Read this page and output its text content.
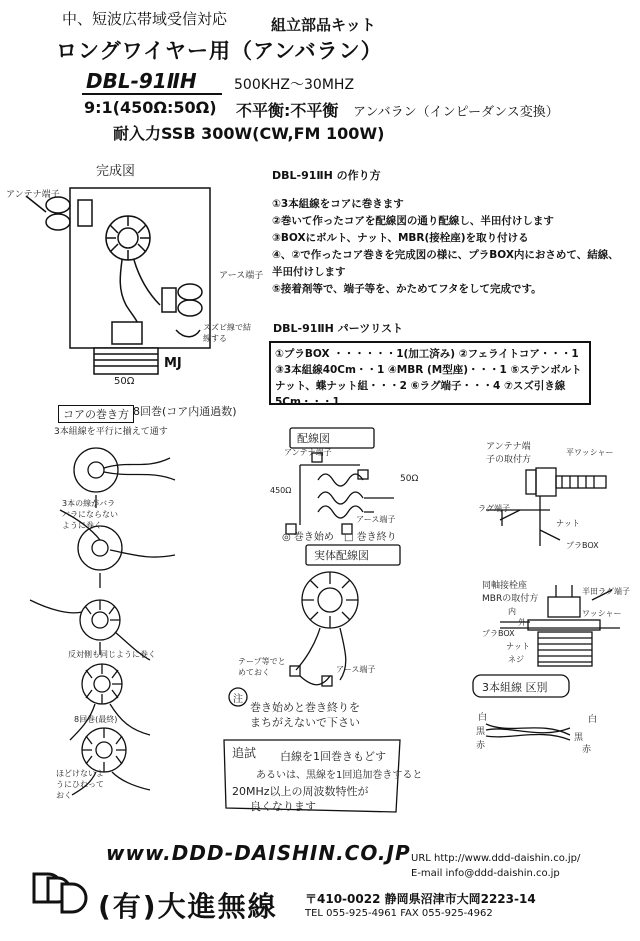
中、短波広帯域受信対応	組立部品キット
ロングワイヤー用（アンバラン）
DBL-91ⅡH	500KHZ～30MHZ
9:1(450Ω:50Ω) 不平衡:不平衡 アンバラン（インピーダンス変換）
耐入力SSB 300W(CW,FM 100W)
完成図
アンテナ端子
アース端子
スズビ線で結線する
MJ
50Ω
DBL-91ⅡH の作り方
①3本組線をコアに巻きます
②巻いて作ったコアを配線図の通り配線し、半田付けします
③BOXにボルト、ナット、MBR(接栓座)を取り付ける
④、②で作ったコア巻きを完成図の様に、プラBOX内におさめて、結線、半田付けします
⑤接着剤等で、端子等を、かためてフタをして完成です。
DBL-91ⅡH パーツリスト
①プラBOX ・・・・・・1(加工済み) ②フェライトコア・・・1 ③3本組線40Cm・・1 ④MBR (M型座)・・・1 ⑤ステンボルトナット、蝶ナット組・・・2 ⑥ラグ端子・・・4 ⑦スズ引き線5Cm・・・1
コアの巻き方 8回巻(コア内通過数)
3本組線を平行に揃えて通す
3本の線がバラバラにならないように巻く
反対側も同じように巻く
8回巻(最終)
ほどけないようにひねっておく
配線図
アンテナ端子
450Ω
50Ω
アース端子
◎ 巻き始め □ 巻き終り
実体配線図
テープ等でとめておく	アース端子
注
巻き始めと巻き終りをまちがえないで下さい
追試 白線を1回巻きもどす
あるいは、黒線を1回追加巻きすると
20MHz以上の周波数特性が
良くなります
アンテナ端子の取付方
平ワッシャー
ラグ端子
ナット
プラBOX
同軸接栓座MBRの取付方
半田ラグ端子
ワッシャー
内
外
プラBOX
ナット
ネジ
3本組線 区別
白
黒
赤
白
黒
赤
www.DDD-DAISHIN.CO.JP URL http://www.ddd-daishin.co.jp/
E-mail info@ddd-daishin.co.jp
(有)大進無線 〒410-0022 静岡県沼津市大岡2223-14
TEL 055-925-4961 FAX 055-925-4962
